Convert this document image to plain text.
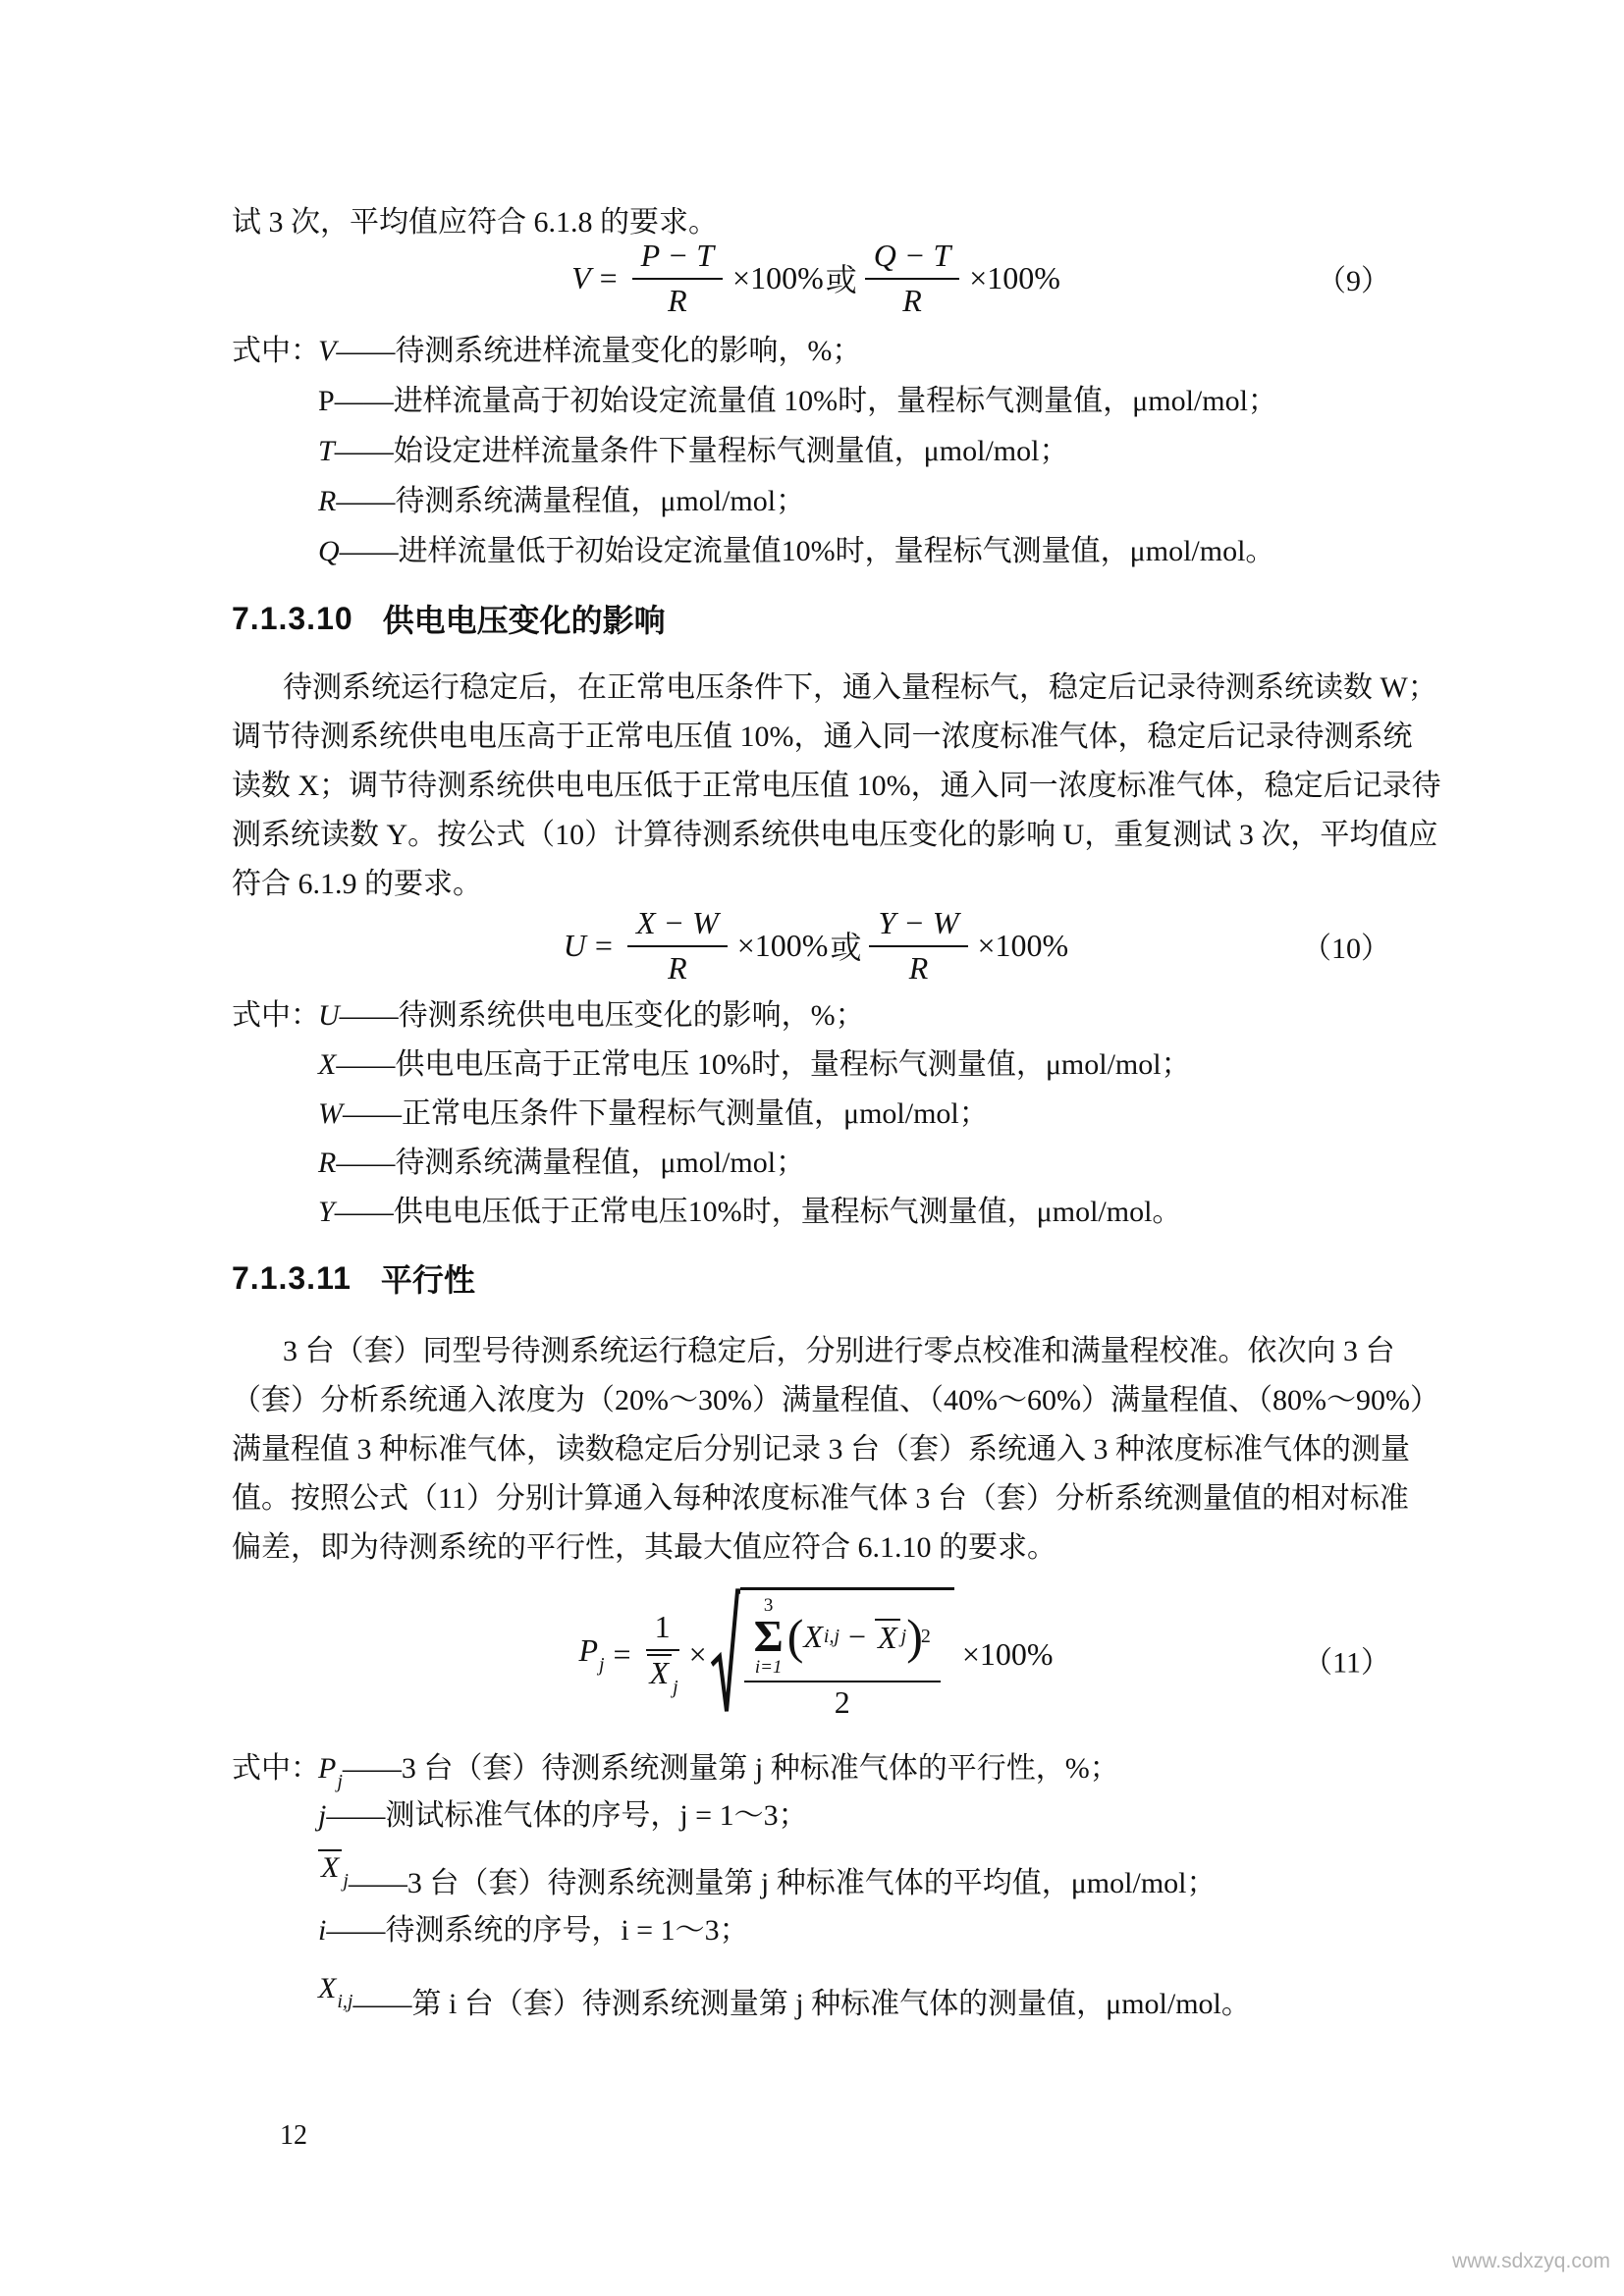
试 3 次，平均值应符合 6.1.8 的要求。
$V = \frac{P - T}{R} \times 100\%$ 或 $\frac{Q - T}{R} \times 100\%$	（9）
式中：
V——待测系统进样流量变化的影响，%；
P——进样流量高于初始设定流量值 10%时，量程标气测量值，μmol/mol；
T——始设定进样流量条件下量程标气测量值，μmol/mol；
R——待测系统满量程值，μmol/mol；
Q——进样流量低于初始设定流量值10%时，量程标气测量值，μmol/mol。
7.1.3.10 供电电压变化的影响
待测系统运行稳定后，在正常电压条件下，通入量程标气，稳定后记录待测系统读数 W；
调节待测系统供电电压高于正常电压值 10%，通入同一浓度标准气体，稳定后记录待测系统
读数 X；调节待测系统供电电压低于正常电压值 10%，通入同一浓度标准气体，稳定后记录待
测系统读数 Y。按公式（10）计算待测系统供电电压变化的影响 U，重复测试 3 次，平均值应
符合 6.1.9 的要求。
$U = \frac{X - W}{R} \times 100\%$ 或 $\frac{Y - W}{R} \times 100\%$	（10）
式中：
U——待测系统供电电压变化的影响，%；
X——供电电压高于正常电压 10%时，量程标气测量值，μmol/mol；
W——正常电压条件下量程标气测量值，μmol/mol；
R——待测系统满量程值，μmol/mol；
Y——供电电压低于正常电压10%时，量程标气测量值，μmol/mol。
7.1.3.11 平行性
3 台（套）同型号待测系统运行稳定后，分别进行零点校准和满量程校准。依次向 3 台
（套）分析系统通入浓度为（20%～30%）满量程值、（40%～60%）满量程值、（80%～90%）
满量程值 3 种标准气体，读数稳定后分别记录 3 台（套）系统通入 3 种浓度标准气体的测量
值。按照公式（11）分别计算通入每种浓度标准气体 3 台（套）分析系统测量值的相对标准
偏差，即为待测系统的平行性，其最大值应符合 6.1.10 的要求。
$P_j = \frac{1}{X _j}$ ×
3
Σ
i=1
( X i,j − X j )
2
2
×100%	（11）
式中：
$P_j——3$ 台（套）待测系统测量第 j 种标准气体的平行性，%；
j——测试标准气体的序号，j = 1～3；
X $_j$——3 台（套）待测系统测量第 j 种标准气体的平均值，μmol/mol；
i——待测系统的序号，i = 1～3；
$X_{i,j}——$第 i 台（套）待测系统测量第 j 种标准气体的测量值，μmol/mol。
12
www.sdxzyq.com
